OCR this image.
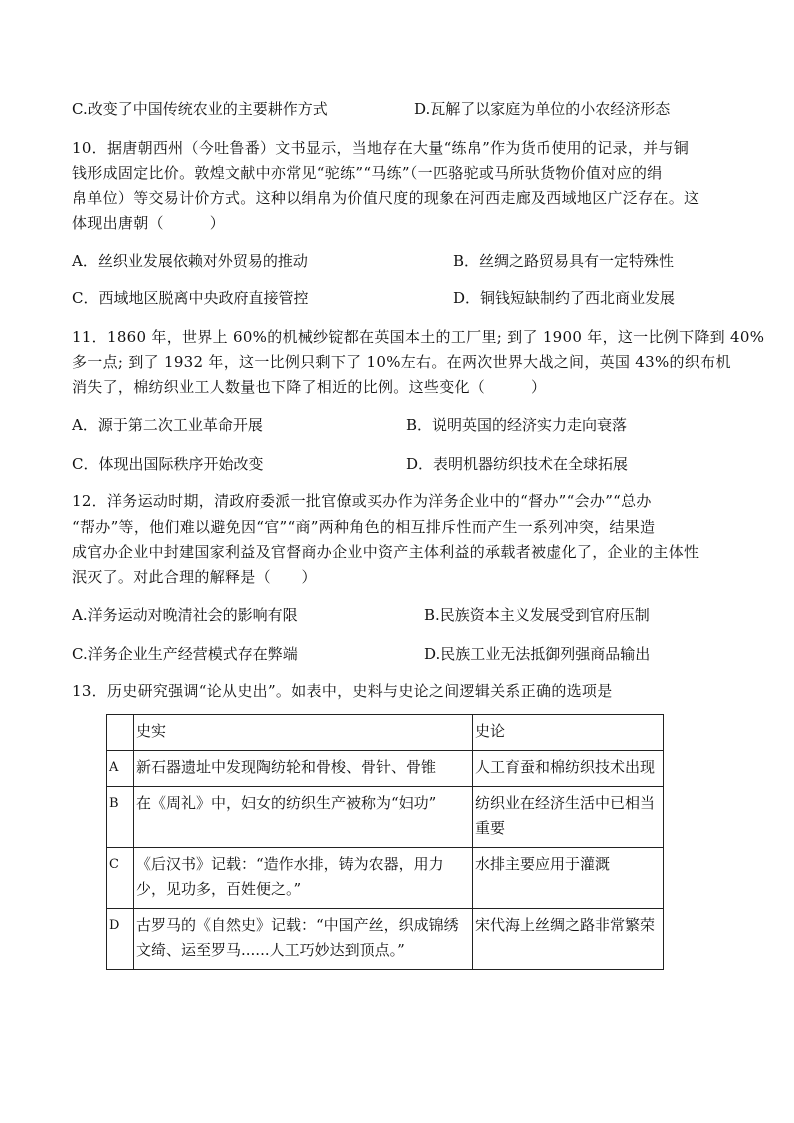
C.改变了中国传统农业的主要耕作方式	D.瓦解了以家庭为单位的小农经济形态
10．据唐朝西州（今吐鲁番）文书显示，当地存在大量“练帛”作为货币使用的记录，并与铜
钱形成固定比价。敦煌文献中亦常见“驼练”“马练”（一匹骆驼或马所驮货物价值对应的绢
帛单位）等交易计价方式。这种以绢帛为价值尺度的现象在河西走廊及西域地区广泛存在。这
体现出唐朝（　　　）
A．丝织业发展依赖对外贸易的推动	B．丝绸之路贸易具有一定特殊性
C．西域地区脱离中央政府直接管控	D．铜钱短缺制约了西北商业发展
11．1860 年，世界上 60%的机械纱锭都在英国本土的工厂里; 到了 1900 年，这一比例下降到 40%
多一点; 到了 1932 年，这一比例只剩下了 10%左右。在两次世界大战之间，英国 43%的织布机
消失了，棉纺织业工人数量也下降了相近的比例。这些变化（　　　）
A．源于第二次工业革命开展	B．说明英国的经济实力走向衰落
C．体现出国际秩序开始改变	D．表明机器纺织技术在全球拓展
12．洋务运动时期，清政府委派一批官僚或买办作为洋务企业中的“督办”“会办”“总办
“帮办”等，他们难以避免因“官”“商”两种角色的相互排斥性而产生一系列冲突，结果造
成官办企业中封建国家利益及官督商办企业中资产主体利益的承载者被虚化了，企业的主体性
泯灭了。对此合理的解释是（　　）
A.洋务运动对晚清社会的影响有限	B.民族资本主义发展受到官府压制
C.洋务企业生产经营模式存在弊端	D.民族工业无法抵御列强商品输出
13．历史研究强调“论从史出”。如表中，史料与史论之间逻辑关系正确的选项是
	史实	史论
A	新石器遗址中发现陶纺轮和骨梭、骨针、骨锥	人工育蚕和棉纺织技术出现
B	在《周礼》中，妇女的纺织生产被称为“妇功”	纺织业在经济生活中已相当重要
C	《后汉书》记载：“造作水排，铸为农器，用力少，见功多，百姓便之。”	水排主要应用于灌溉
D	古罗马的《自然史》记载：“中国产丝，织成锦绣文绮、运至罗马......人工巧妙达到顶点。”	宋代海上丝绸之路非常繁荣
